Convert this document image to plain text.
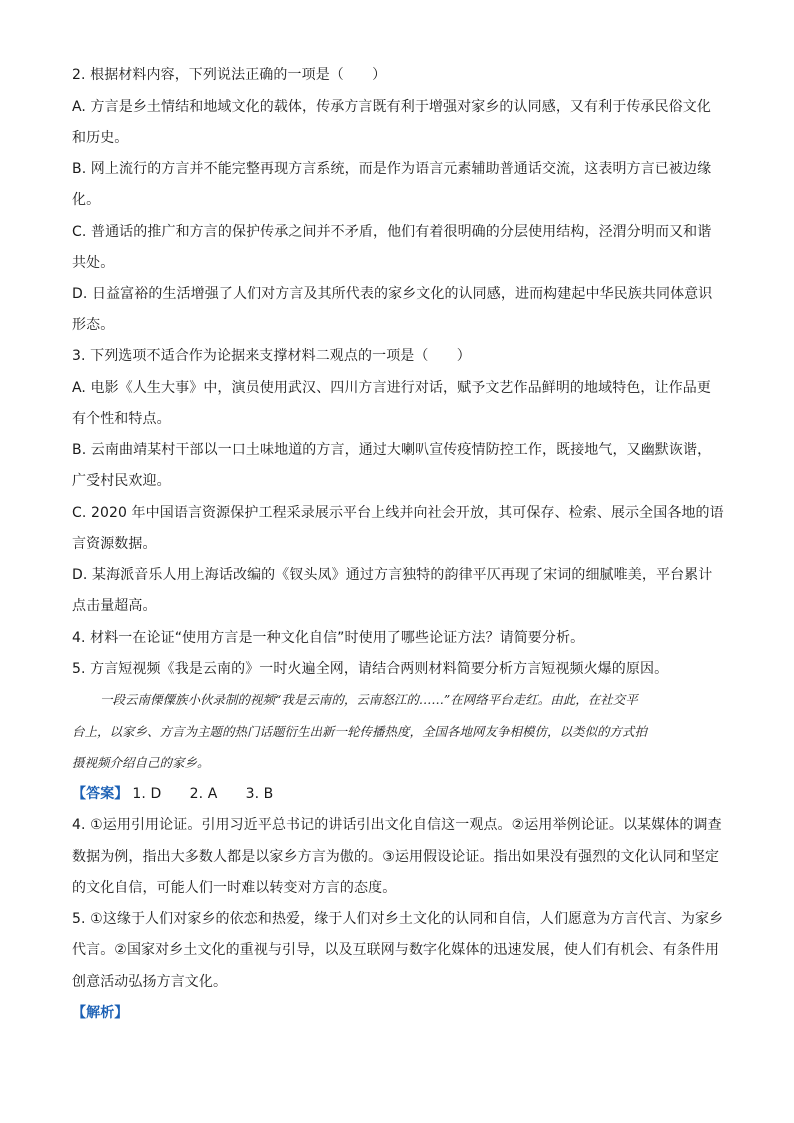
2. 根据材料内容，下列说法正确的一项是（　　）
A. 方言是乡土情结和地域文化的载体，传承方言既有利于增强对家乡的认同感，又有利于传承民俗文化
和历史。
B. 网上流行的方言并不能完整再现方言系统，而是作为语言元素辅助普通话交流，这表明方言已被边缘
化。
C. 普通话的推广和方言的保护传承之间并不矛盾，他们有着很明确的分层使用结构，泾渭分明而又和谐
共处。
D. 日益富裕的生活增强了人们对方言及其所代表的家乡文化的认同感，进而构建起中华民族共同体意识
形态。
3. 下列选项不适合作为论据来支撑材料二观点的一项是（　　）
A. 电影《人生大事》中，演员使用武汉、四川方言进行对话，赋予文艺作品鲜明的地域特色，让作品更
有个性和特点。
B. 云南曲靖某村干部以一口土味地道的方言，通过大喇叭宣传疫情防控工作，既接地气，又幽默诙谐，
广受村民欢迎。
C. 2020 年中国语言资源保护工程采录展示平台上线并向社会开放，其可保存、检索、展示全国各地的语
言资源数据。
D. 某海派音乐人用上海话改编的《钗头凤》通过方言独特的韵律平仄再现了宋词的细腻唯美，平台累计
点击量超高。
4. 材料一在论证“使用方言是一种文化自信”时使用了哪些论证方法？请简要分析。
5. 方言短视频《我是云南的》一时火遍全网，请结合两则材料简要分析方言短视频火爆的原因。
一段云南傈僳族小伙录制的视频“我是云南的，云南怒江的……”在网络平台走红。由此，在社交平
台上，以家乡、方言为主题的热门话题衍生出新一轮传播热度，全国各地网友争相模仿，以类似的方式拍
摄视频介绍自己的家乡。
【答案】 1. D　　2. A　　3. B
4. ①运用引用论证。引用习近平总书记的讲话引出文化自信这一观点。②运用举例论证。以某媒体的调查
数据为例，指出大多数人都是以家乡方言为傲的。③运用假设论证。指出如果没有强烈的文化认同和坚定
的文化自信，可能人们一时难以转变对方言的态度。
5. ①这缘于人们对家乡的依恋和热爱，缘于人们对乡土文化的认同和自信，人们愿意为方言代言、为家乡
代言。②国家对乡土文化的重视与引导，以及互联网与数字化媒体的迅速发展，使人们有机会、有条件用
创意活动弘扬方言文化。
【解析】
